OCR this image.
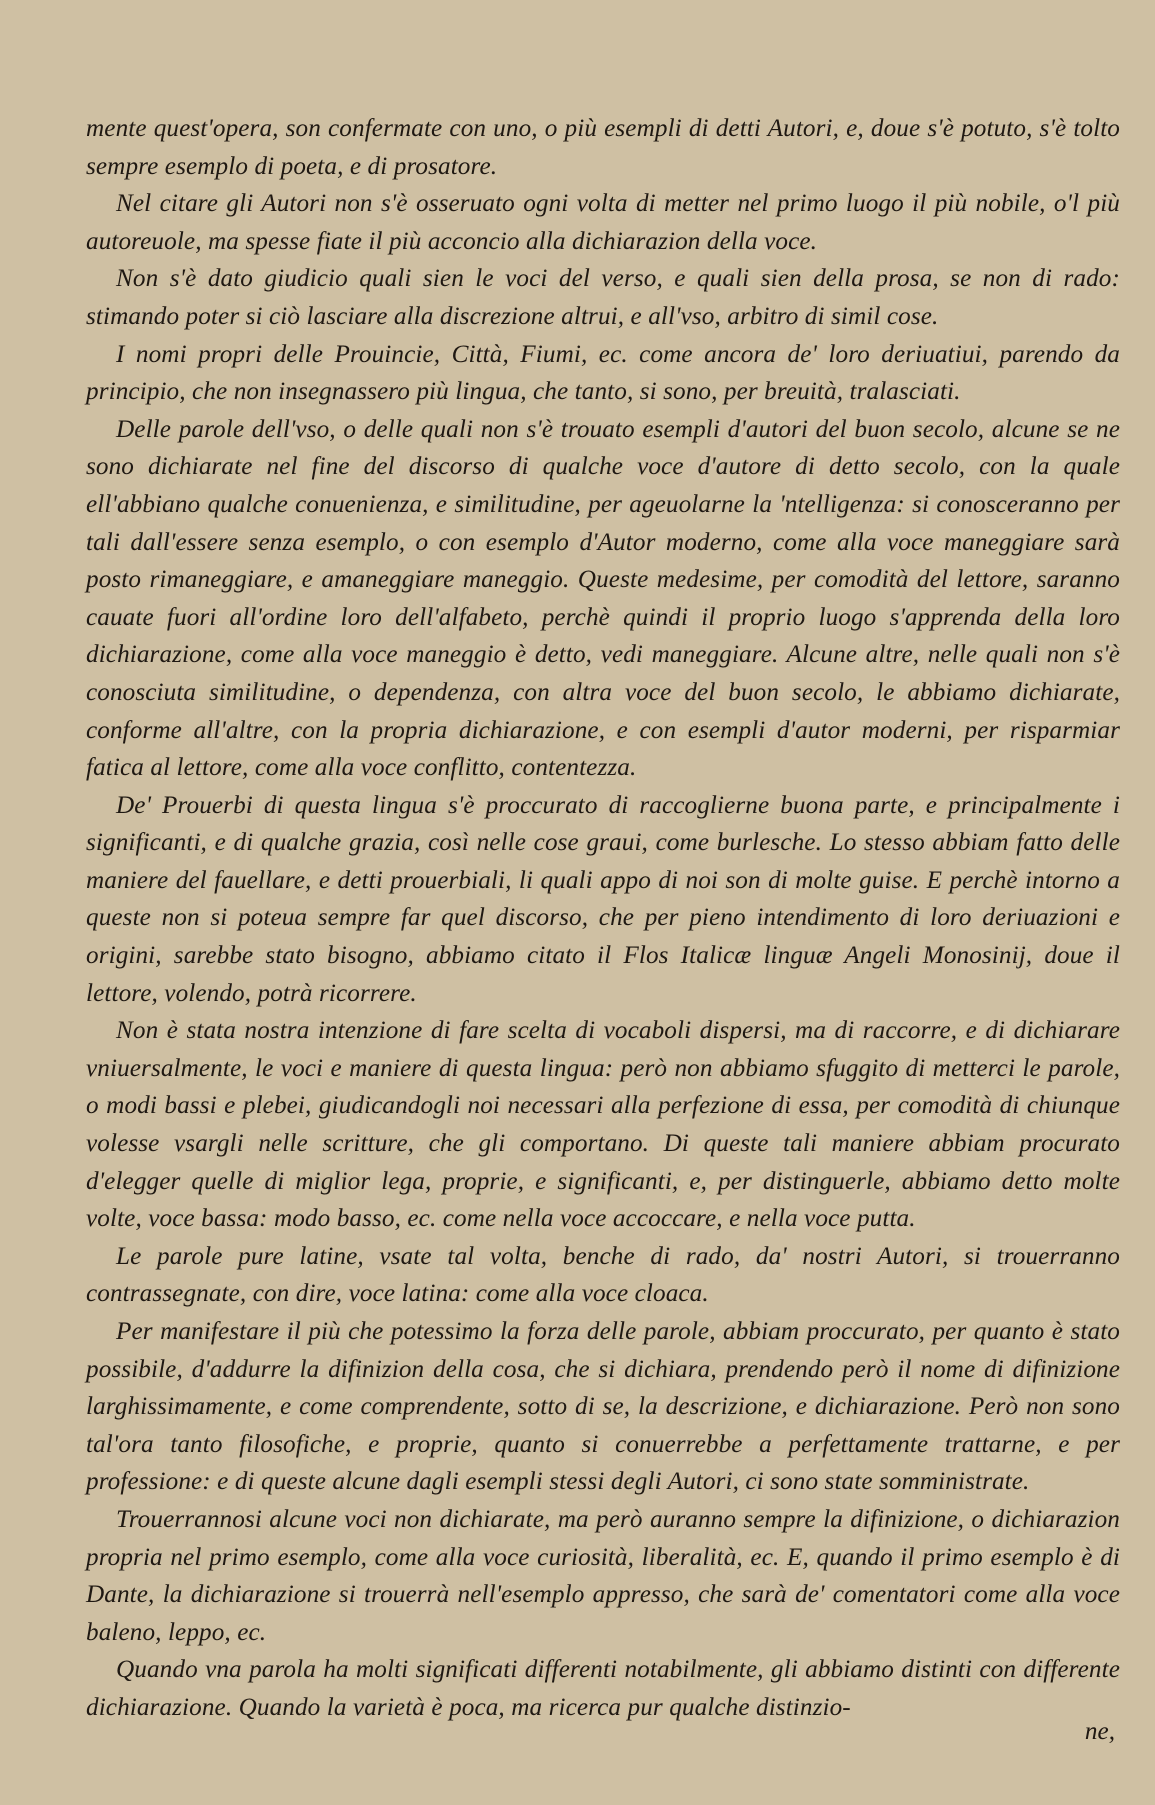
mente quest'opera, son confermate con uno, o più esempli di detti Autori, e, doue s'è potuto, s'è tolto sempre esemplo di poeta, e di prosatore.

Nel citare gli Autori non s'è osseruato ogni volta di metter nel primo luogo il più nobile, o'l più autoreuole, ma spesse fiate il più acconcio alla dichiarazion della voce.

Non s'è dato giudicio quali sien le voci del verso, e quali sien della prosa, se non di rado: stimando poter si ciò lasciare alla discrezione altrui, e all'vso, arbitro di simil cose.

I nomi propri delle Prouincie, Città, Fiumi, ec. come ancora de' loro deriuatiui, parendo da principio, che non insegnassero più lingua, che tanto, si sono, per breuità, tralasciati.

Delle parole dell'vso, o delle quali non s'è trouato esempli d'autori del buon secolo, alcune se ne sono dichiarate nel fine del discorso di qualche voce d'autore di detto secolo, con la quale ell'abbiano qualche conuenienza, e similitudine, per ageuolarne la 'ntelligenza: si conosceranno per tali dall'essere senza esemplo, o con esemplo d'Autor moderno, come alla voce maneggiare sarà posto rimaneggiare, e amaneggiare maneggio. Queste medesime, per comodità del lettore, saranno cauate fuori all'ordine loro dell'alfabeto, perchè quindi il proprio luogo s'apprenda della loro dichiarazione, come alla voce maneggio è detto, vedi maneggiare. Alcune altre, nelle quali non s'è conosciuta similitudine, o dependenza, con altra voce del buon secolo, le abbiamo dichiarate, conforme all'altre, con la propria dichiarazione, e con esempli d'autor moderni, per risparmiar fatica al lettore, come alla voce conflitto, contentezza.

De' Prouerbi di questa lingua s'è proccurato di raccoglierne buona parte, e principalmente i significanti, e di qualche grazia, così nelle cose graui, come burlesche. Lo stesso abbiam fatto delle maniere del fauellare, e detti prouerbiali, li quali appo di noi son di molte guise. E perchè intorno a queste non si poteua sempre far quel discorso, che per pieno intendimento di loro deriuazioni e origini, sarebbe stato bisogno, abbiamo citato il Flos Italicæ linguæ Angeli Monosinij, doue il lettore, volendo, potrà ricorrere.

Non è stata nostra intenzione di fare scelta di vocaboli dispersi, ma di raccorre, e di dichiarare vniuersalmente, le voci e maniere di questa lingua: però non abbiamo sfuggito di metterci le parole, o modi bassi e plebei, giudicandogli noi necessari alla perfezione di essa, per comodità di chiunque volesse vsargli nelle scritture, che gli comportano. Di queste tali maniere abbiam procurato d'elegger quelle di miglior lega, proprie, e significanti, e, per distinguerle, abbiamo detto molte volte, voce bassa: modo basso, ec. come nella voce accoccare, e nella voce putta.

Le parole pure latine, vsate tal volta, benche di rado, da' nostri Autori, si trouerranno contrassegnate, con dire, voce latina: come alla voce cloaca.

Per manifestare il più che potessimo la forza delle parole, abbiam proccurato, per quanto è stato possibile, d'addurre la difinizion della cosa, che si dichiara, prendendo però il nome di difinizione larghissimamente, e come comprendente, sotto di se, la descrizione, e dichiarazione. Però non sono tal'ora tanto filosofiche, e proprie, quanto si conuerrebbe a perfettamente trattarne, e per professione: e di queste alcune dagli esempli stessi degli Autori, ci sono state somministrate.

Trouerrannosi alcune voci non dichiarate, ma però auranno sempre la difinizione, o dichiarazion propria nel primo esemplo, come alla voce curiosità, liberalità, ec. E, quando il primo esemplo è di Dante, la dichiarazione si trouerrà nell'esemplo appresso, che sarà de' comentatori come alla voce baleno, leppo, ec.

Quando vna parola ha molti significati differenti notabilmente, gli abbiamo distinti con differente dichiarazione. Quando la varietà è poca, ma ricerca pur qualche distinzio-

ne,
